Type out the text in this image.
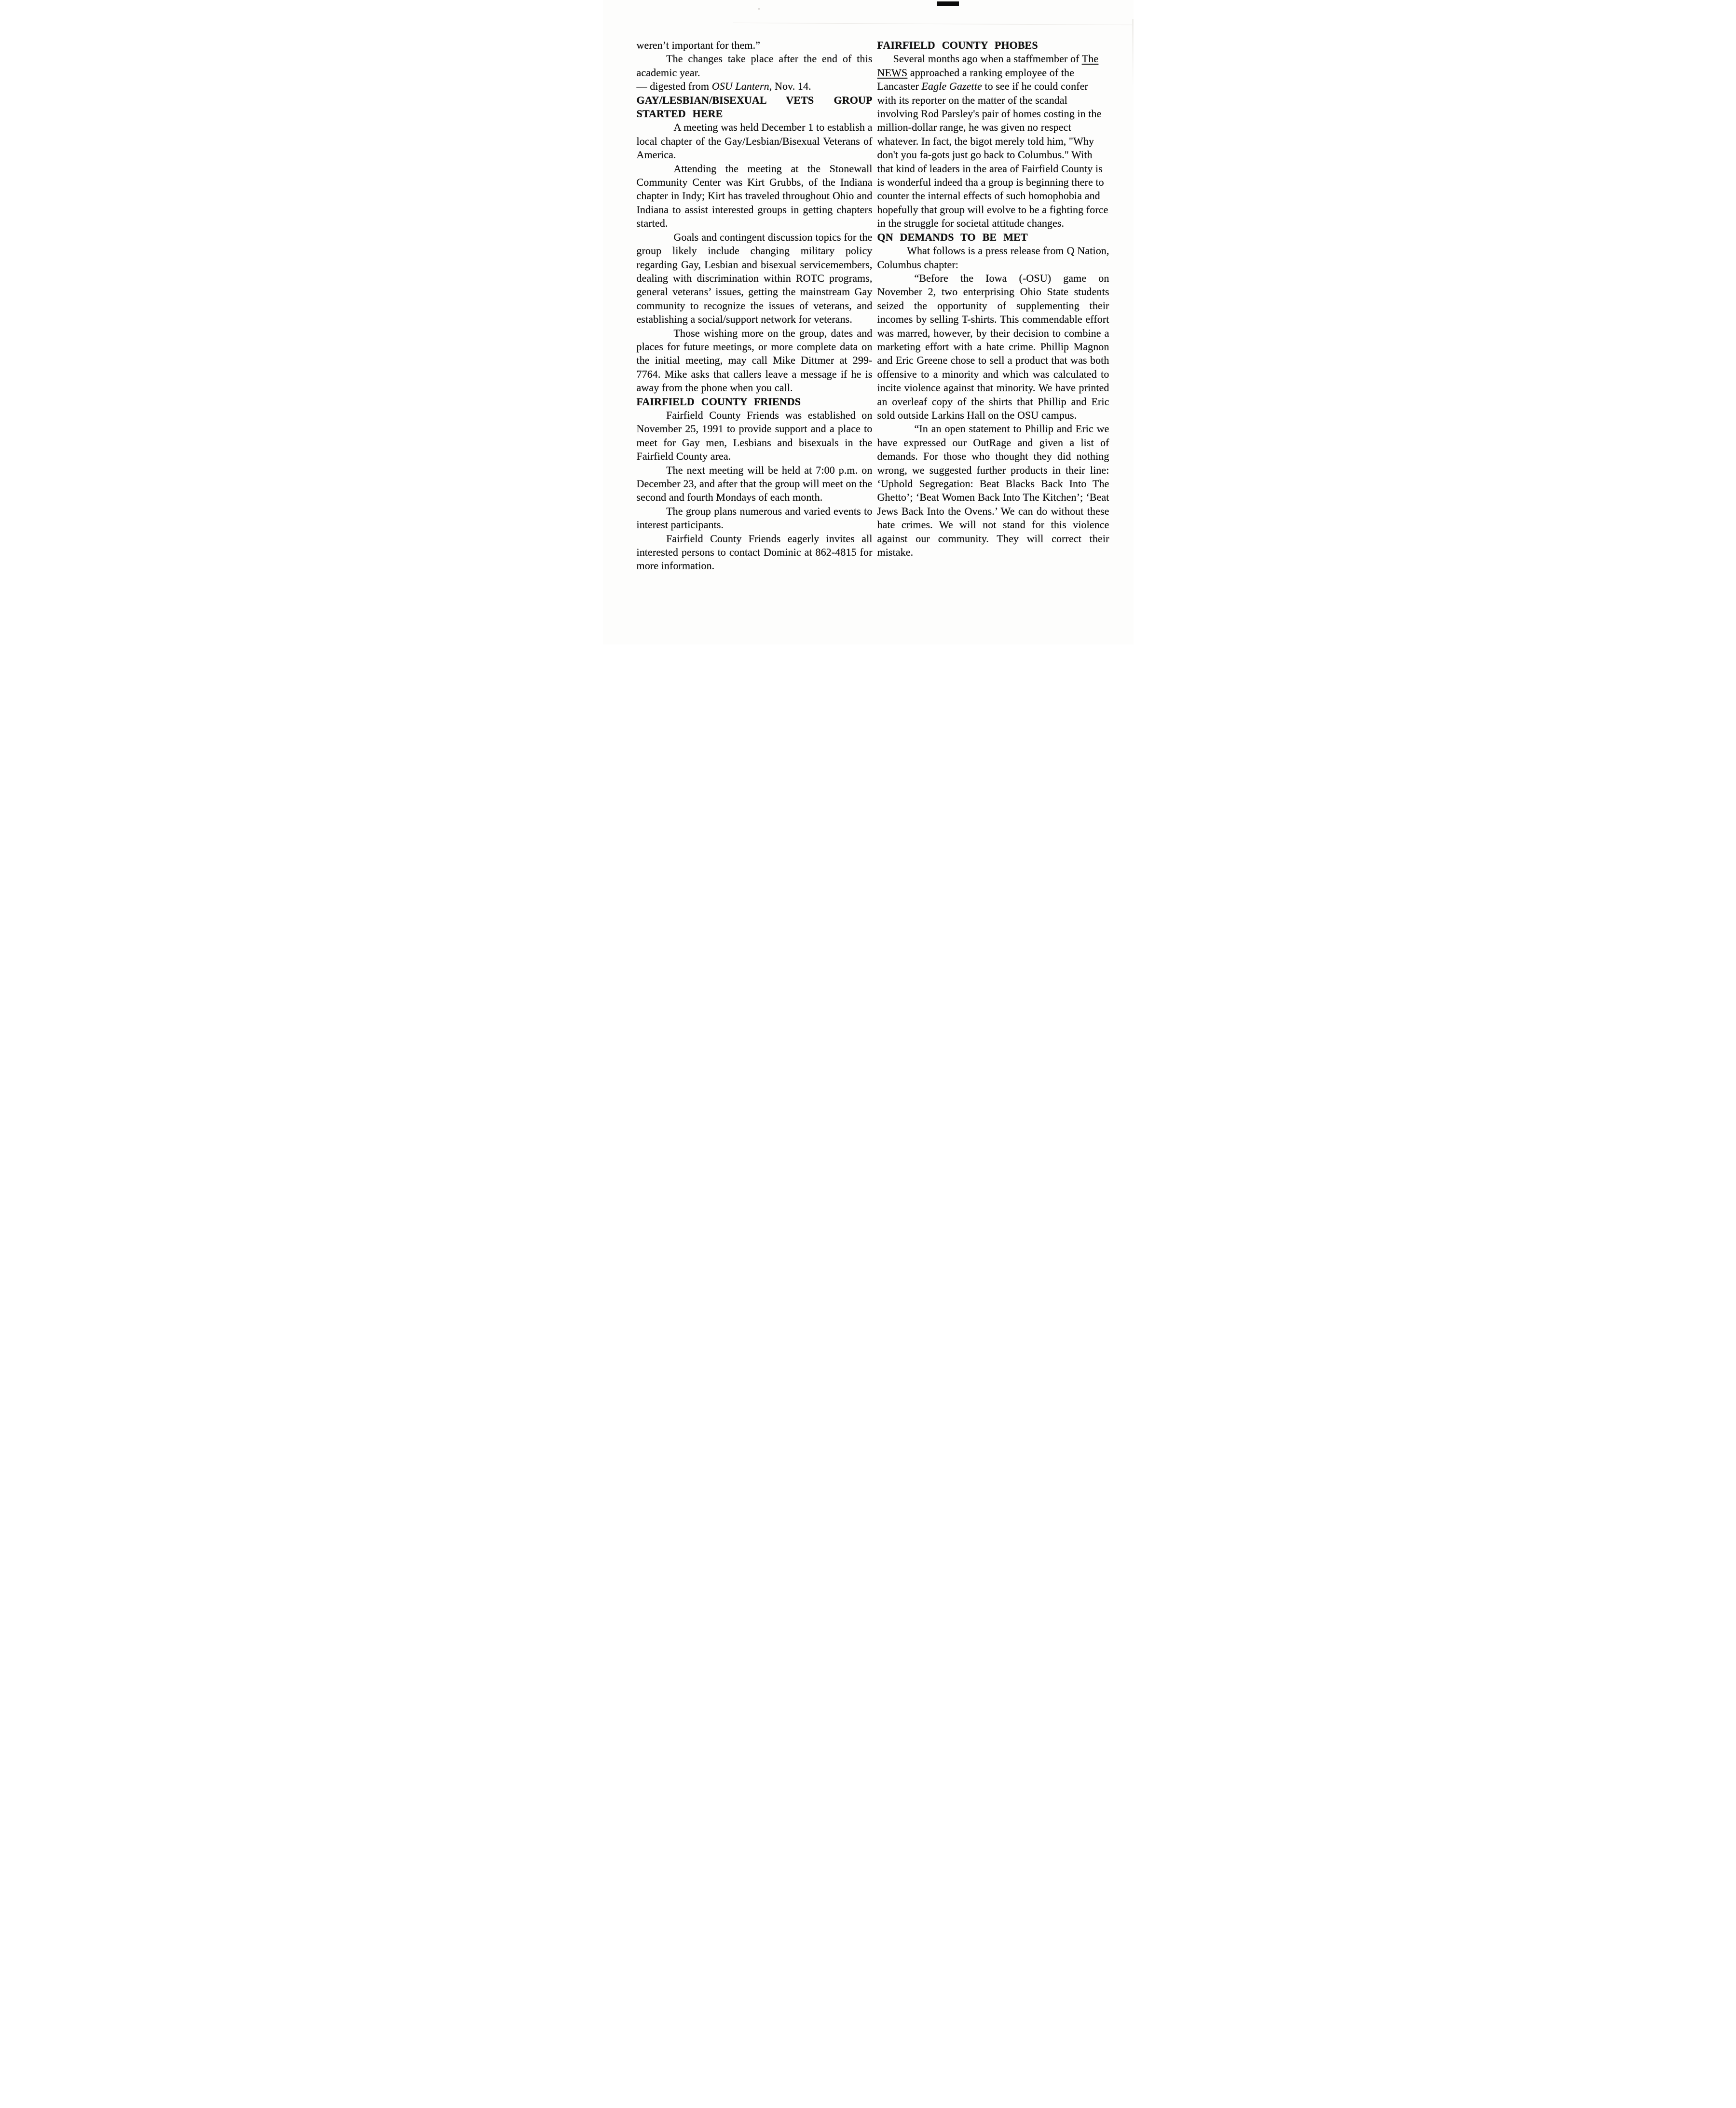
weren’t important for them.”

The changes take place after the end of this academic year.

— digested from OSU Lantern, Nov. 14.

GAY/LESBIAN/BISEXUAL VETS GROUP STARTED HERE

A meeting was held December 1 to establish a local chapter of the Gay/Lesbian/Bisexual Veterans of America.

Attending the meeting at the Stonewall Community Center was Kirt Grubbs, of the Indiana chapter in Indy; Kirt has traveled throughout Ohio and Indiana to assist interested groups in getting chapters started.

Goals and contingent discussion topics for the group likely include changing military policy regarding Gay, Lesbian and bisexual servicemembers, dealing with discrimination within ROTC programs, general veterans’ issues, getting the mainstream Gay community to recognize the issues of veterans, and establishing a social/support network for veterans.

Those wishing more on the group, dates and places for future meetings, or more complete data on the initial meeting, may call Mike Dittmer at 299-7764. Mike asks that callers leave a message if he is away from the phone when you call.

FAIRFIELD COUNTY FRIENDS

Fairfield County Friends was established on November 25, 1991 to provide support and a place to meet for Gay men, Lesbians and bisexuals in the Fairfield County area.

The next meeting will be held at 7:00 p.m. on December 23, and after that the group will meet on the second and fourth Mondays of each month.

The group plans numerous and varied events to interest participants.

Fairfield County Friends eagerly invites all interested persons to contact Dominic at 862-4815 for more information.

FAIRFIELD COUNTY PHOBES

Several months ago when a staffmember of The NEWS approached a ranking employee of the Lancaster Eagle Gazette to see if he could confer with its reporter on the matter of the scandal involving Rod Parsley's pair of homes costing in the million-dollar range, he was given no respect whatever. In fact, the bigot merely told him, "Why don't you fa-gots just go back to Columbus." With that kind of leaders in the area of Fairfield County is is wonderful indeed tha a group is beginning there to counter the internal effects of such homophobia and hopefully that group will evolve to be a fighting force in the struggle for societal attitude changes.

QN DEMANDS TO BE MET

What follows is a press release from Q Nation, Columbus chapter:

“Before the Iowa (-OSU) game on November 2, two enterprising Ohio State students seized the opportunity of supplementing their incomes by selling T-shirts. This commendable effort was marred, however, by their decision to combine a marketing effort with a hate crime. Phillip Magnon and Eric Greene chose to sell a product that was both offensive to a minority and which was calculated to incite violence against that minority. We have printed an overleaf copy of the shirts that Phillip and Eric sold outside Larkins Hall on the OSU campus.

“In an open statement to Phillip and Eric we have expressed our OutRage and given a list of demands. For those who thought they did nothing wrong, we suggested further products in their line: ‘Uphold Segregation: Beat Blacks Back Into The Ghetto’; ‘Beat Women Back Into The Kitchen’; ‘Beat Jews Back Into the Ovens.’ We can do without these hate crimes. We will not stand for this violence against our community. They will correct their mistake.
